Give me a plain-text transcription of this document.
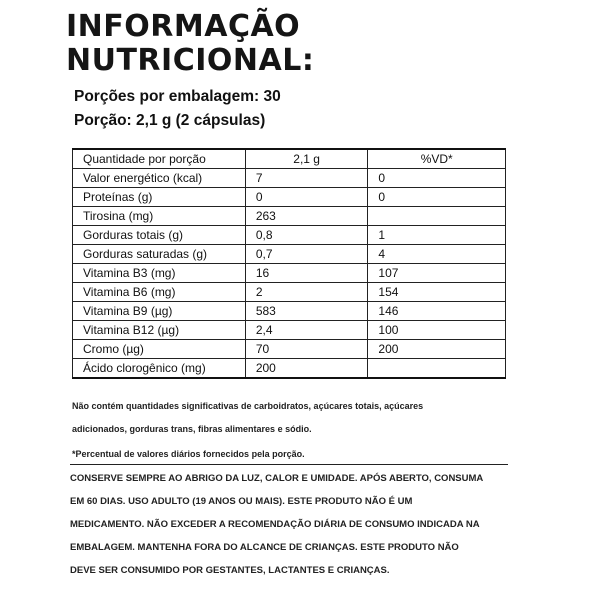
INFORMAÇÃO
NUTRICIONAL:
Porções por embalagem: 30
Porção: 2,1 g (2 cápsulas)
Quantidade por porção	2,1 g	%VD*
Valor energético (kcal)	7	0
Proteínas (g)	0	0
Tirosina (mg)	263	
Gorduras totais (g)	0,8	1
Gorduras saturadas (g)	0,7	4
Vitamina B3 (mg)	16	107
Vitamina B6 (mg)	2	154
Vitamina B9 (µg)	583	146
Vitamina B12 (µg)	2,4	100
Cromo (µg)	70	200
Ácido clorogênico (mg)	200	
Não contém quantidades significativas de carboidratos, açúcares totais, açúcares
adicionados, gorduras trans, fibras alimentares e sódio.
*Percentual de valores diários fornecidos pela porção.
CONSERVE SEMPRE AO ABRIGO DA LUZ, CALOR E UMIDADE. APÓS ABERTO, CONSUMA
EM 60 DIAS. USO ADULTO (19 ANOS OU MAIS). ESTE PRODUTO NÃO É UM
MEDICAMENTO. NÃO EXCEDER A RECOMENDAÇÃO DIÁRIA DE CONSUMO INDICADA NA
EMBALAGEM. MANTENHA FORA DO ALCANCE DE CRIANÇAS. ESTE PRODUTO NÃO
DEVE SER CONSUMIDO POR GESTANTES, LACTANTES E CRIANÇAS.
